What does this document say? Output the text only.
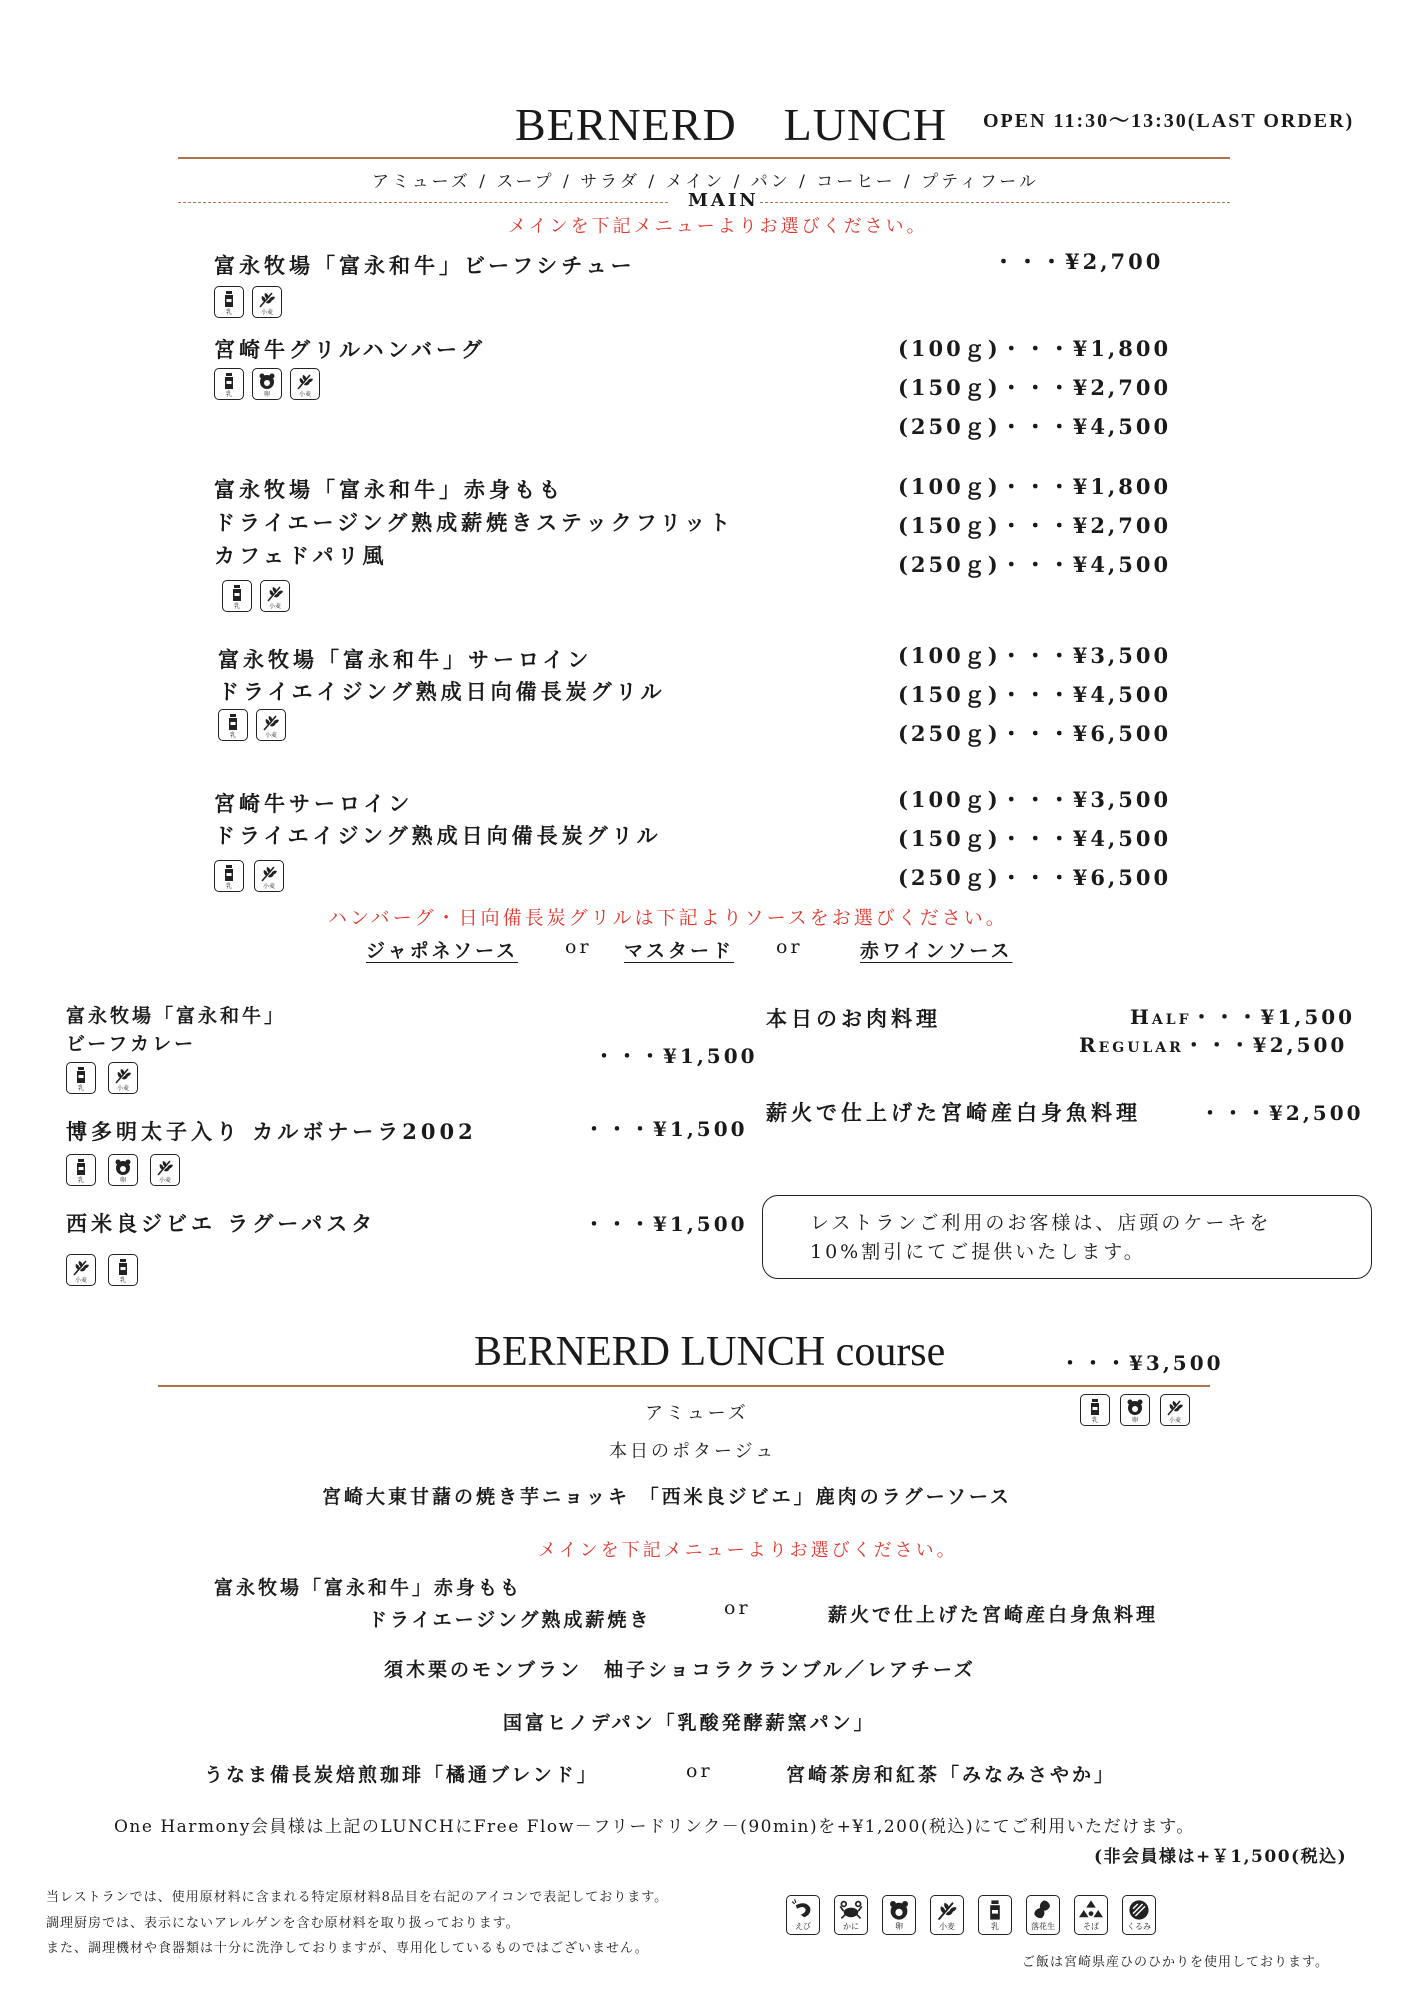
BERNERD　LUNCH OPEN 11:30～13:30(LAST ORDER)
アミューズ / スープ / サラダ / メイン / パン / コーヒー / プティフール
MAIN
メインを下記メニューよりお選びください。
富永牧場「富永和牛」ビーフシチュー	・・・¥2,700
乳	小麦
宮崎牛グリルハンバーグ	(100ｇ)・・・¥1,800
(150ｇ)・・・¥2,700
(250ｇ)・・・¥4,500
乳	卵	小麦
富永牧場「富永和牛」赤身もも
ドライエージング熟成薪焼きステックフリット
カフェドパリ風
(100ｇ)・・・¥1,800
(150ｇ)・・・¥2,700
(250ｇ)・・・¥4,500
乳	小麦
富永牧場「富永和牛」サーロイン
ドライエイジング熟成日向備長炭グリル
(100ｇ)・・・¥3,500
(150ｇ)・・・¥4,500
(250ｇ)・・・¥6,500
乳	小麦
宮崎牛サーロイン
ドライエイジング熟成日向備長炭グリル
(100ｇ)・・・¥3,500
(150ｇ)・・・¥4,500
(250ｇ)・・・¥6,500
乳	小麦
ハンバーグ・日向備長炭グリルは下記よりソースをお選びください。
ジャポネソース or マスタード or	赤ワインソース
富永牧場「富永和牛」
ビーフカレー	・・・¥1,500
乳	小麦
博多明太子入り カルボナーラ2002	・・・¥1,500
乳	卵	小麦
西米良ジビエ ラグーパスタ	・・・¥1,500
小麦	乳
本日のお肉料理	Half・・・¥1,500
Regular・・・¥2,500
薪火で仕上げた宮崎産白身魚料理	・・・¥2,500
レストランご利用のお客様は、店頭のケーキを
10%割引にてご提供いたします。
BERNERD LUNCH course	・・・¥3,500
乳	卵	小麦
アミューズ
本日のポタージュ
宮崎大東甘藷の焼き芋ニョッキ 「西米良ジビエ」鹿肉のラグーソース
メインを下記メニューよりお選びください。
富永牧場「富永和牛」赤身もも
ドライエージング熟成薪焼き
or	薪火で仕上げた宮崎産白身魚料理
須木栗のモンブラン　柚子ショコラクランブル／レアチーズ
国富ヒノデパン「乳酸発酵薪窯パン」
うなま備長炭焙煎珈琲「橘通ブレンド」	or	宮崎茶房和紅茶「みなみさやか」
One Harmony会員様は上記のLUNCHにFree Flow－フリードリンク－(90min)を+¥1,200(税込)にてご利用いただけます。
(非会員様は+￥1,500(税込)
当レストランでは、使用原材料に含まれる特定原材料8品目を右記のアイコンで表記しております。
調理厨房では、表示にないアレルゲンを含む原材料を取り扱っております。
また、調理機材や食器類は十分に洗浄しておりますが、専用化しているものではございません。
えび	かに	卵	小麦	乳	落花生	そば	くるみ
ご飯は宮崎県産ひのひかりを使用しております。
